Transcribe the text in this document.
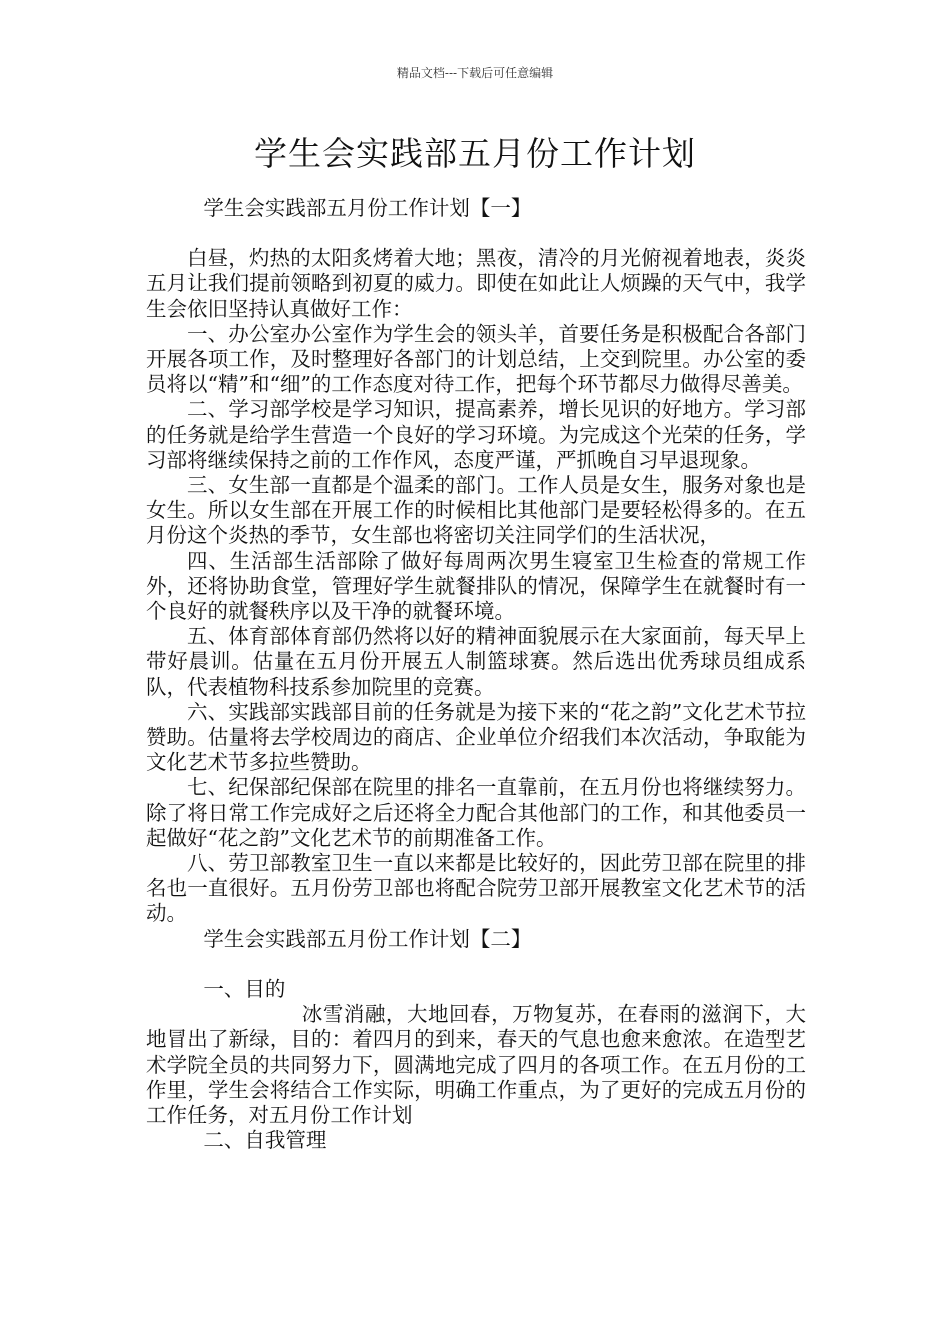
精品文档---下载后可任意编辑
学生会实践部五月份工作计划

学生会实践部五月份工作计划【一】

白昼，灼热的太阳炙烤着大地；黑夜，清冷的月光俯视着地表，炎炎五月让我们提前领略到初夏的威力。即使在如此让人烦躁的天气中，我学生会依旧坚持认真做好工作：

一、办公室办公室作为学生会的领头羊，首要任务是积极配合各部门开展各项工作，及时整理好各部门的计划总结，上交到院里。办公室的委员将以“精”和“细”的工作态度对待工作，把每个环节都尽力做得尽善美。

二、学习部学校是学习知识，提高素养，增长见识的好地方。学习部的任务就是给学生营造一个良好的学习环境。为完成这个光荣的任务，学习部将继续保持之前的工作作风，态度严谨，严抓晚自习早退现象。

三、女生部一直都是个温柔的部门。工作人员是女生，服务对象也是女生。所以女生部在开展工作的时候相比其他部门是要轻松得多的。在五月份这个炎热的季节，女生部也将密切关注同学们的生活状况，

四、生活部生活部除了做好每周两次男生寝室卫生检查的常规工作外，还将协助食堂，管理好学生就餐排队的情况，保障学生在就餐时有一个良好的就餐秩序以及干净的就餐环境。

五、体育部体育部仍然将以好的精神面貌展示在大家面前，每天早上带好晨训。估量在五月份开展五人制篮球赛。然后选出优秀球员组成系队，代表植物科技系参加院里的竞赛。

六、实践部实践部目前的任务就是为接下来的“花之韵”文化艺术节拉赞助。估量将去学校周边的商店、企业单位介绍我们本次活动，争取能为文化艺术节多拉些赞助。

七、纪保部纪保部在院里的排名一直靠前，在五月份也将继续努力。除了将日常工作完成好之后还将全力配合其他部门的工作，和其他委员一起做好“花之韵”文化艺术节的前期准备工作。

八、劳卫部教室卫生一直以来都是比较好的，因此劳卫部在院里的排名也一直很好。五月份劳卫部也将配合院劳卫部开展教室文化艺术节的活动。

学生会实践部五月份工作计划【二】

一、目的

冰雪消融，大地回春，万物复苏，在春雨的滋润下，大地冒出了新绿，目的：着四月的到来，春天的气息也愈来愈浓。在造型艺术学院全员的共同努力下，圆满地完成了四月的各项工作。在五月份的工作里，学生会将结合工作实际，明确工作重点，为了更好的完成五月份的工作任务，对五月份工作计划

二、自我管理
